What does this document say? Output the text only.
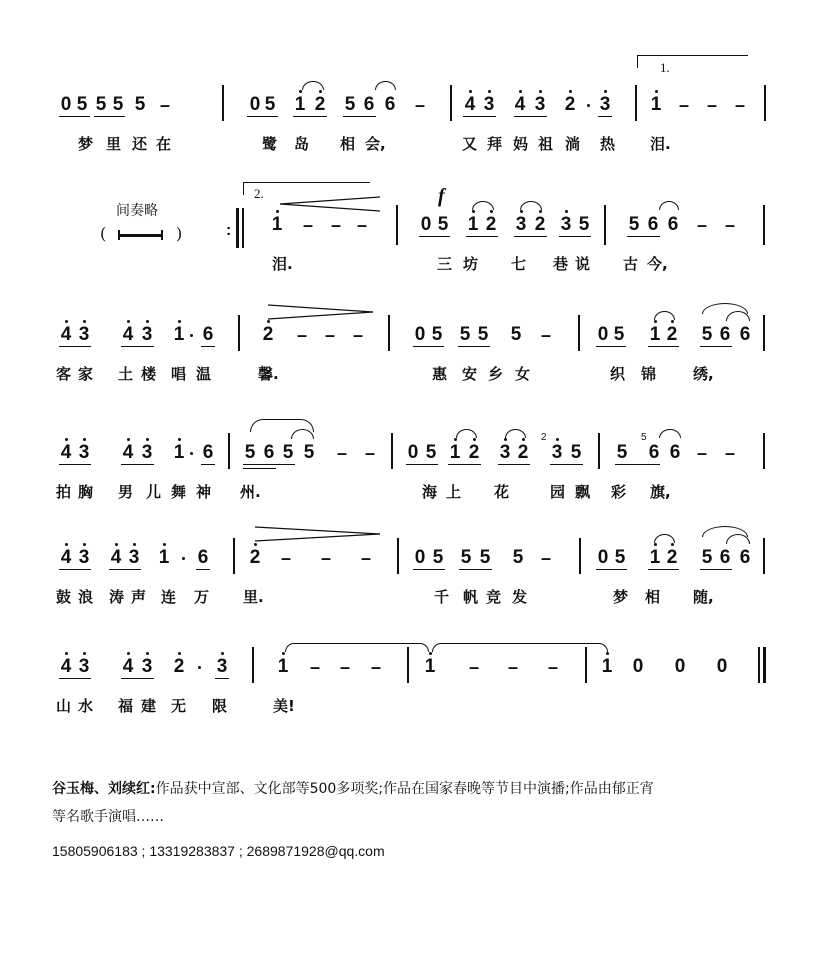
0 5 5 5 5 –	0 5 1 2 5 6 6 – 4 3 4 3 2 3
1.
1 – – –
梦 里 还 在	鹭 岛 相 会,	又 拜 妈 祖 淌 热 泪.
间奏略
(	)	:
2.
1 – – –
f
0 5 1 2 3 2 3 5 5 6 6 – –
泪.	三 坊 七 巷 说 古 今,
4 3 4 3 1 6	2 – – –	0 5 5 5 5 – 0 5 1 2 5 6 6
客 家 土 楼 唱 温	馨.	惠 安 乡 女	织 锦 绣,
4 3 4 3 1 6 5 6 5 5 – – 0 5 1 2 3 2
2
3 5 5
5
6 6 – –
拍 胸 男 儿 舞 神 州.	海 上 花	园 飘 彩 旗,
4 3 4 3 1 6 2 – – – 0 5 5 5 5 – 0 5 1 2 5 6 6
鼓 浪 涛 声 连 万 里.	千 帆 竞 发	梦 相 随,
4 3 4 3 2 3	1 – – – 1 – – – 1 0 0 0
山 水 福 建 无 限	美!
谷玉梅、刘续红:作品获中宣部、文化部等500多项奖;作品在国家春晚等节目中演播;作品由郁正宵
等名歌手演唱……
15805906183 ; 13319283837 ; 2689871928@qq.com
